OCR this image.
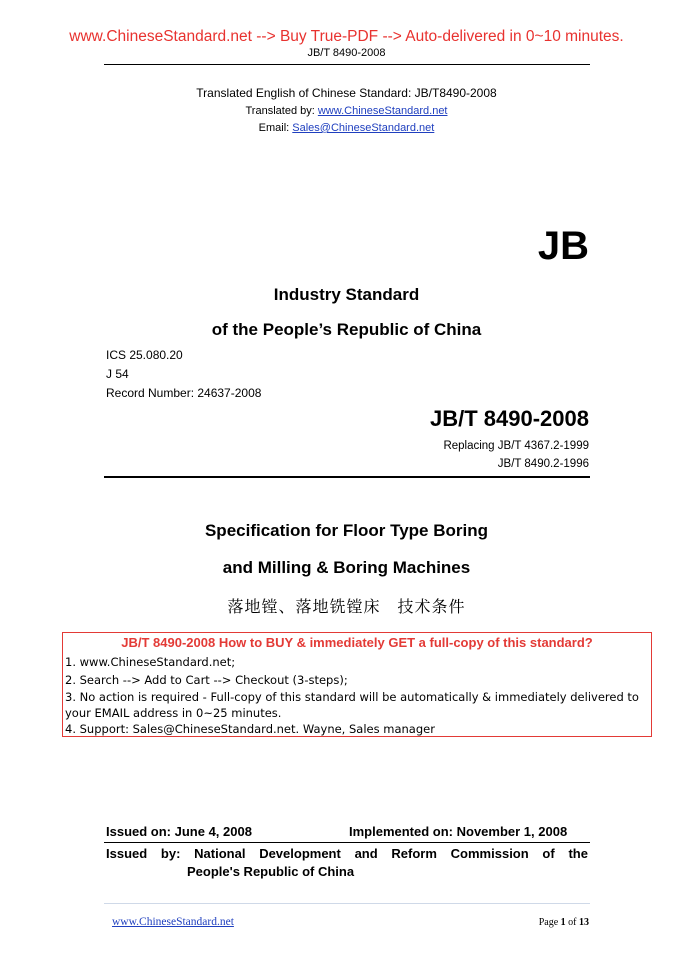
www.ChineseStandard.net --> Buy True-PDF --> Auto-delivered in 0~10 minutes.
JB/T 8490-2008
Translated English of Chinese Standard: JB/T8490-2008
Translated by: www.ChineseStandard.net
Email: Sales@ChineseStandard.net
JB
Industry Standard
of the People’s Republic of China
ICS 25.080.20
J 54
Record Number: 24637-2008
JB/T 8490-2008
Replacing JB/T 4367.2-1999
JB/T 8490.2-1996
Specification for Floor Type Boring
and Milling & Boring Machines
落地镗、落地铣镗床　技术条件
JB/T 8490-2008 How to BUY & immediately GET a full-copy of this standard?
1. www.ChineseStandard.net;
2. Search --> Add to Cart --> Checkout (3-steps);
3. No action is required - Full-copy of this standard will be automatically & immediately delivered to
your EMAIL address in 0~25 minutes.
4. Support: Sales@ChineseStandard.net. Wayne, Sales manager
Issued on: June 4, 2008	Implemented on: November 1, 2008
Issued by: National Development and Reform Commission of the
People's Republic of China
www.ChineseStandard.net	Page 1 of 13
